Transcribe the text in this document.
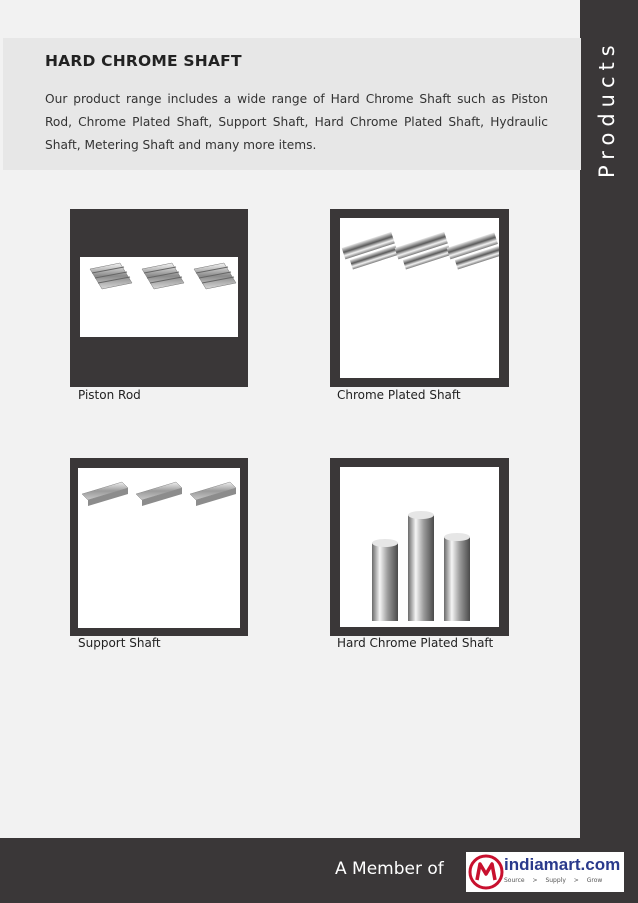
HARD CHROME SHAFT

Our product range includes a wide range of Hard Chrome Shaft such as Piston Rod, Chrome Plated Shaft, Support Shaft, Hard Chrome Plated Shaft, Hydraulic Shaft, Metering Shaft and many more items.

Piston Rod	Chrome Plated Shaft
Support Shaft	Hard Chrome Plated Shaft
A Member of	indiamart.com
Source > Supply > Grow
